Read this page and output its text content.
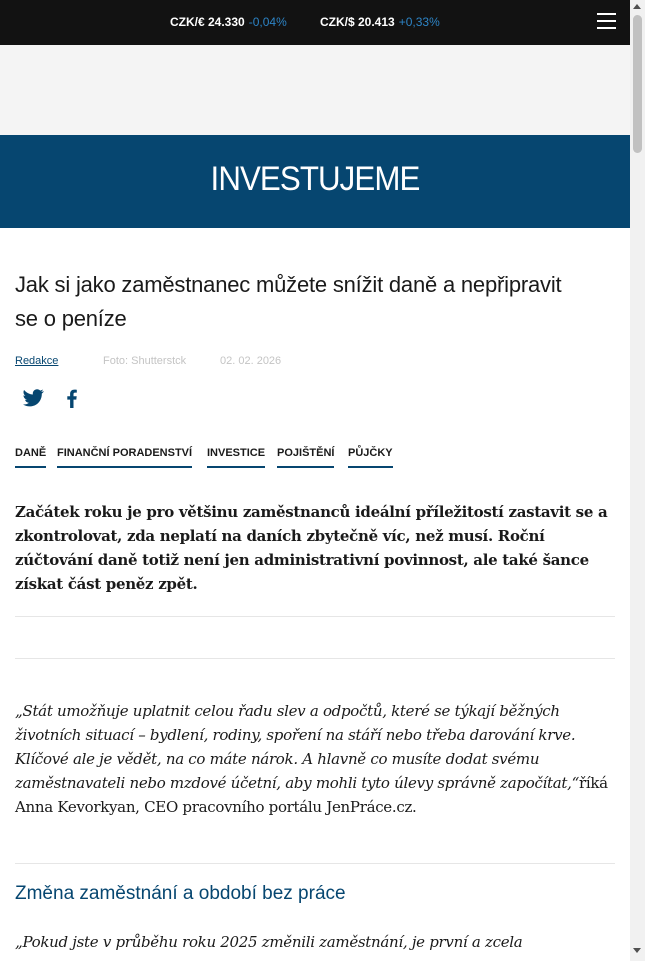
CZK/€ 24.330 -0,04%	CZK/$ 20.413 +0,33%
INVESTUJEME
Jak si jako zaměstnanec můžete snížit daně a nepřipravit se o peníze
Redakce	Foto: Shutterstck	02. 02. 2026
DANĚ FINANČNÍ PORADENSTVÍ INVESTICE POJIŠTĚNÍ PŮJČKY

Začátek roku je pro většinu zaměstnanců ideální příležitostí zastavit se a zkontrolovat, zda neplatí na daních zbytečně víc, než musí. Roční zúčtování daně totiž není jen administrativní povinnost, ale také šance získat část peněz zpět.

„Stát umožňuje uplatnit celou řadu slev a odpočtů, které se týkají běžných životních situací – bydlení, rodiny, spoření na stáří nebo třeba darování krve. Klíčové ale je vědět, na co máte nárok. A hlavně co musíte dodat svému zaměstnavateli nebo mzdové účetní, aby mohli tyto úlevy správně započítat,“říká Anna Kevorkyan, CEO pracovního portálu JenPráce.cz.

Změna zaměstnání a období bez práce

„Pokud jste v průběhu roku 2025 změnili zaměstnání, je první a zcela
